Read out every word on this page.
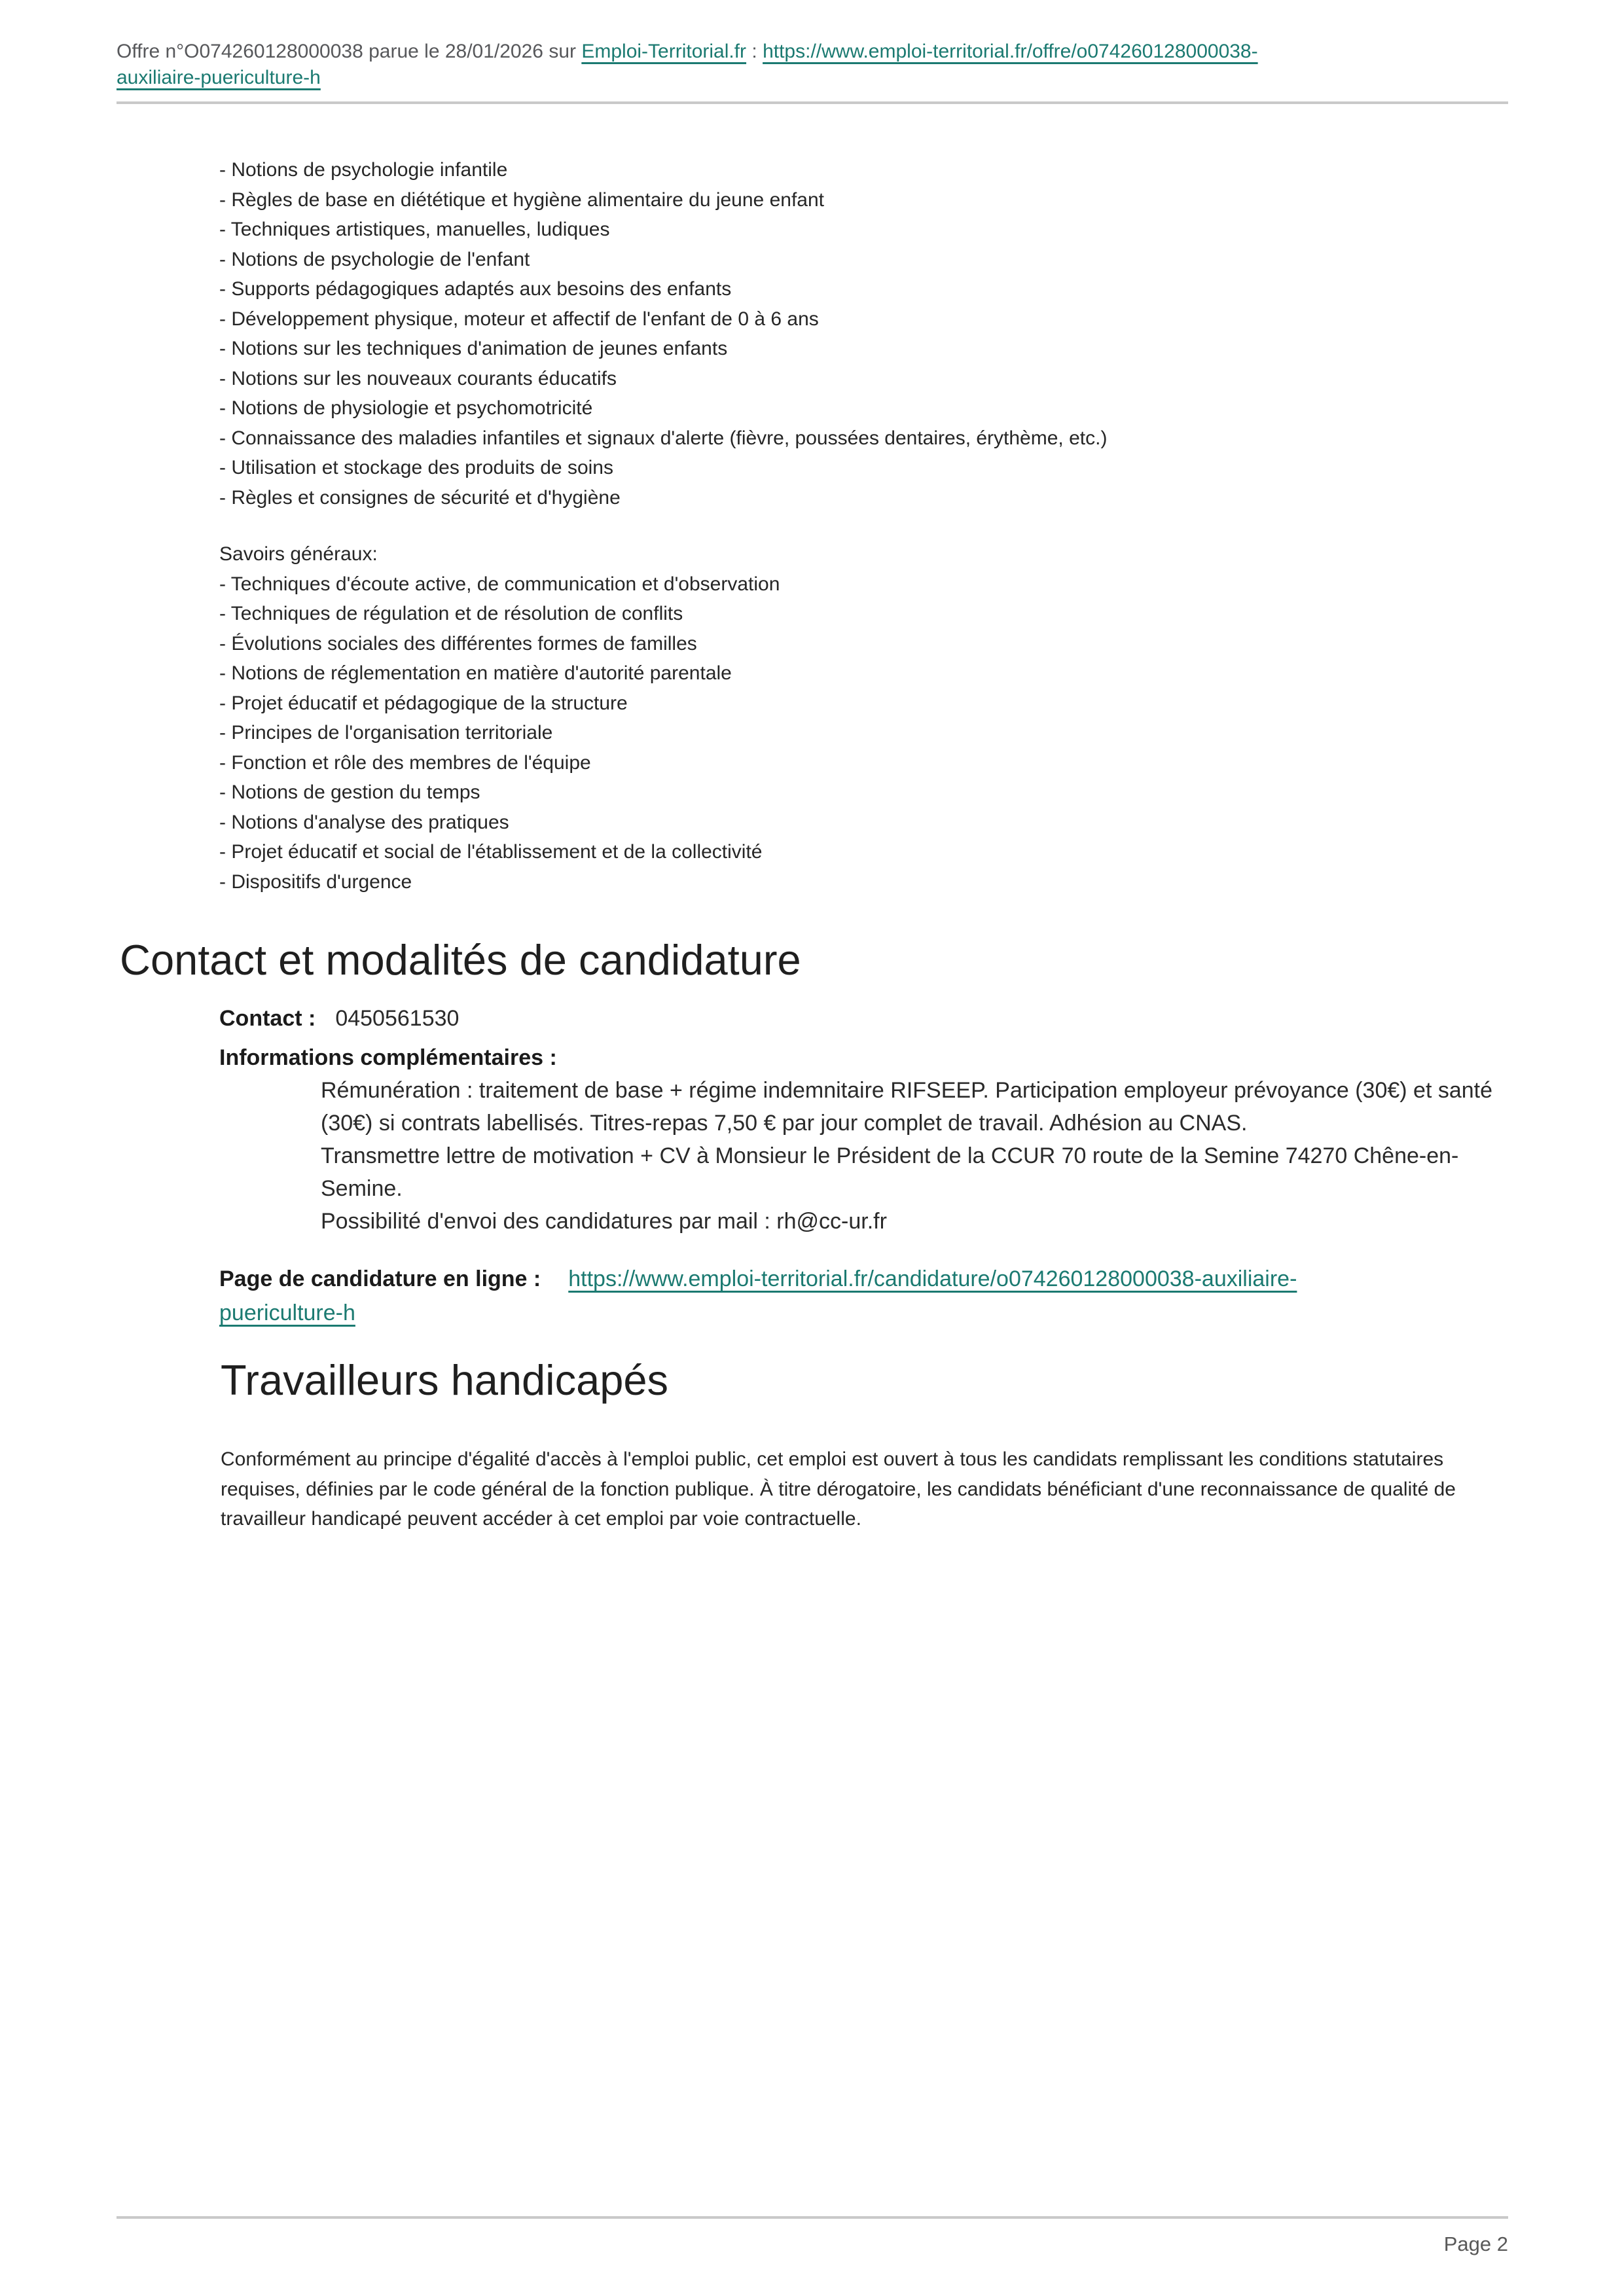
Offre n°O074260128000038 parue le 28/01/2026 sur Emploi-Territorial.fr : https://www.emploi-territorial.fr/offre/o074260128000038-
auxiliaire-puericulture-h
- Notions de psychologie infantile
- Règles de base en diététique et hygiène alimentaire du jeune enfant
- Techniques artistiques, manuelles, ludiques
- Notions de psychologie de l'enfant
- Supports pédagogiques adaptés aux besoins des enfants
- Développement physique, moteur et affectif de l'enfant de 0 à 6 ans
- Notions sur les techniques d'animation de jeunes enfants
- Notions sur les nouveaux courants éducatifs
- Notions de physiologie et psychomotricité
- Connaissance des maladies infantiles et signaux d'alerte (fièvre, poussées dentaires, érythème, etc.)
- Utilisation et stockage des produits de soins
- Règles et consignes de sécurité et d'hygiène
Savoirs généraux:
- Techniques d'écoute active, de communication et d'observation
- Techniques de régulation et de résolution de conflits
- Évolutions sociales des différentes formes de familles
- Notions de réglementation en matière d'autorité parentale
- Projet éducatif et pédagogique de la structure
- Principes de l'organisation territoriale
- Fonction et rôle des membres de l'équipe
- Notions de gestion du temps
- Notions d'analyse des pratiques
- Projet éducatif et social de l'établissement et de la collectivité
- Dispositifs d'urgence
Contact et modalités de candidature
Contact : 0450561530
Informations complémentaires :

Rémunération : traitement de base + régime indemnitaire RIFSEEP. Participation employeur prévoyance (30€) et santé (30€) si contrats labellisés. Titres-repas 7,50 € par jour complet de travail. Adhésion au CNAS.

Transmettre lettre de motivation + CV à Monsieur le Président de la CCUR 70 route de la Semine 74270 Chêne-en-Semine.

Possibilité d'envoi des candidatures par mail : rh@cc-ur.fr

Page de candidature en ligne : https://www.emploi-territorial.fr/candidature/o074260128000038-auxiliaire-
puericulture-h
Travailleurs handicapés

Conformément au principe d'égalité d'accès à l'emploi public, cet emploi est ouvert à tous les candidats remplissant les conditions statutaires requises, définies par le code général de la fonction publique. À titre dérogatoire, les candidats bénéficiant d'une reconnaissance de qualité de travailleur handicapé peuvent accéder à cet emploi par voie contractuelle.

Page 2
